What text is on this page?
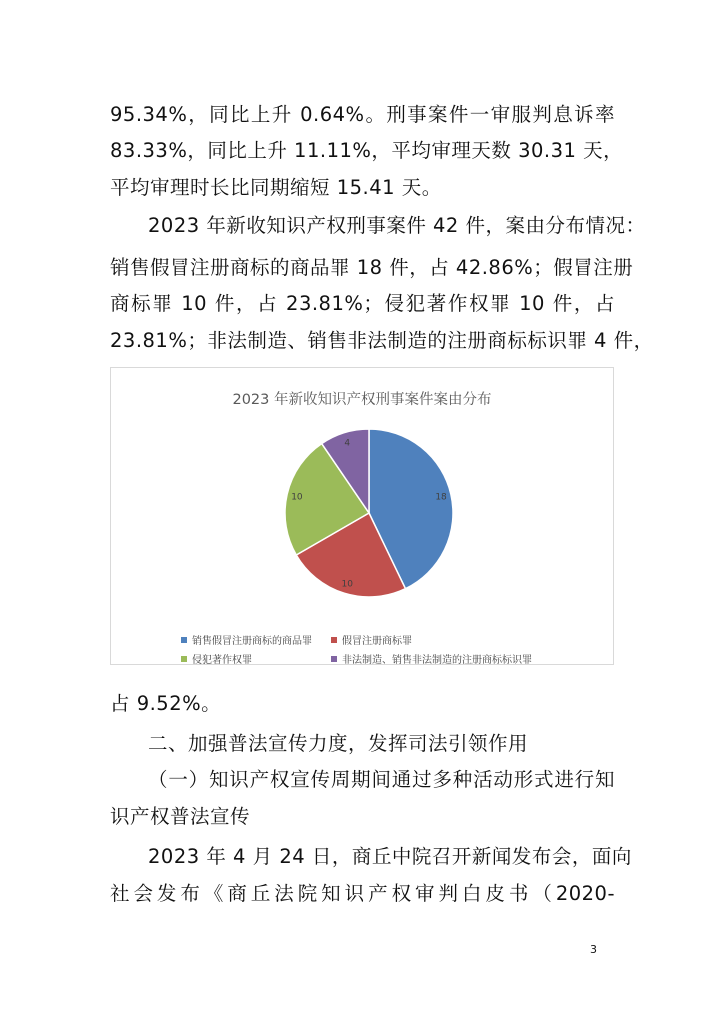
95.34%，同比上升 0.64%。刑事案件一审服判息诉率
83.33%，同比上升 11.11%，平均审理天数 30.31 天，
平均审理时长比同期缩短 15.41 天。
2023 年新收知识产权刑事案件 42 件，案由分布情况：
销售假冒注册商标的商品罪 18 件，占 42.86%；假冒注册
商标罪 10 件，占 23.81%；侵犯著作权罪 10 件，占
23.81%；非法制造、销售非法制造的注册商标标识罪 4 件，
2023 年新收知识产权刑事案件案由分布
18
10
10
4
销售假冒注册商标的商品罪	假冒注册商标罪
侵犯著作权罪	非法制造、销售非法制造的注册商标标识罪
占 9.52%。
二、加强普法宣传力度，发挥司法引领作用
（一）知识产权宣传周期间通过多种活动形式进行知
识产权普法宣传
2023 年 4 月 24 日，商丘中院召开新闻发布会，面向
社会发布《商丘法院知识产权审判白皮书（2020-
3
